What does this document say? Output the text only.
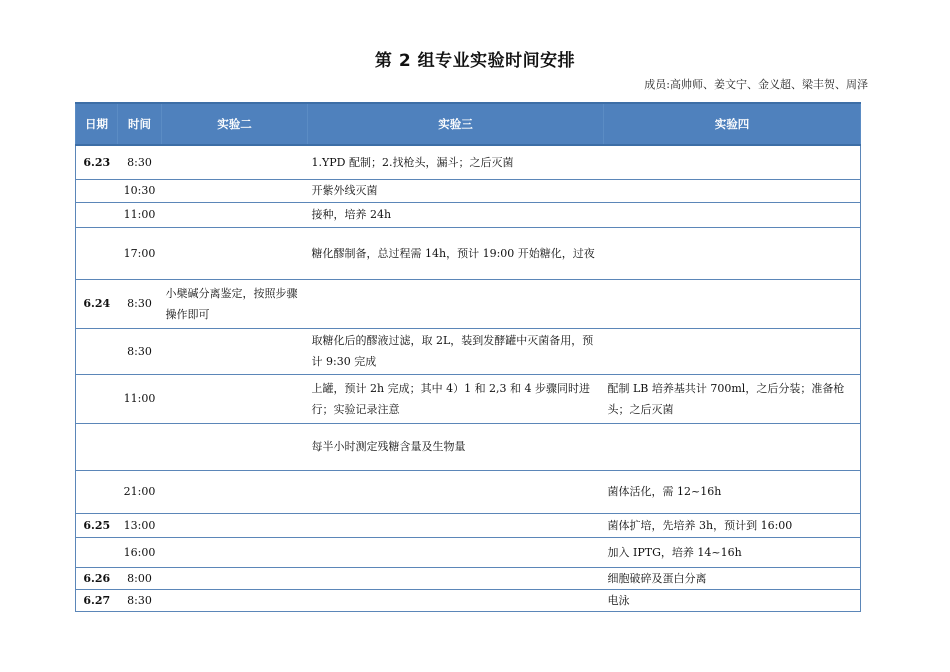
第 2 组专业实验时间安排
成员:高帅师、姜文宁、金义超、梁丰贺、周泽
日期	时间	实验二	实验三	实验四
6.23	8:30		1.YPD 配制；2.找枪头，漏斗；之后灭菌	
	10:30		开紫外线灭菌	
	11:00		接种，培养 24h	
	17:00		糖化醪制备，总过程需 14h，预计 19:00 开始糖化，过夜	
6.24	8:30	小檗碱分离鉴定，按照步骤操作即可		
	8:30		取糖化后的醪液过滤，取 2L，装到发酵罐中灭菌备用，预计 9:30 完成	
	11:00		上罐，预计 2h 完成；其中 4）1 和 2,3 和 4 步骤同时进行；实验记录注意	配制 LB 培养基共计 700ml，之后分装；准备枪头；之后灭菌
			每半小时测定残糖含量及生物量	
	21:00			菌体活化，需 12~16h
6.25	13:00			菌体扩培，先培养 3h，预计到 16:00
	16:00			加入 IPTG，培养 14~16h
6.26	8:00			细胞破碎及蛋白分离
6.27	8:30			电泳
